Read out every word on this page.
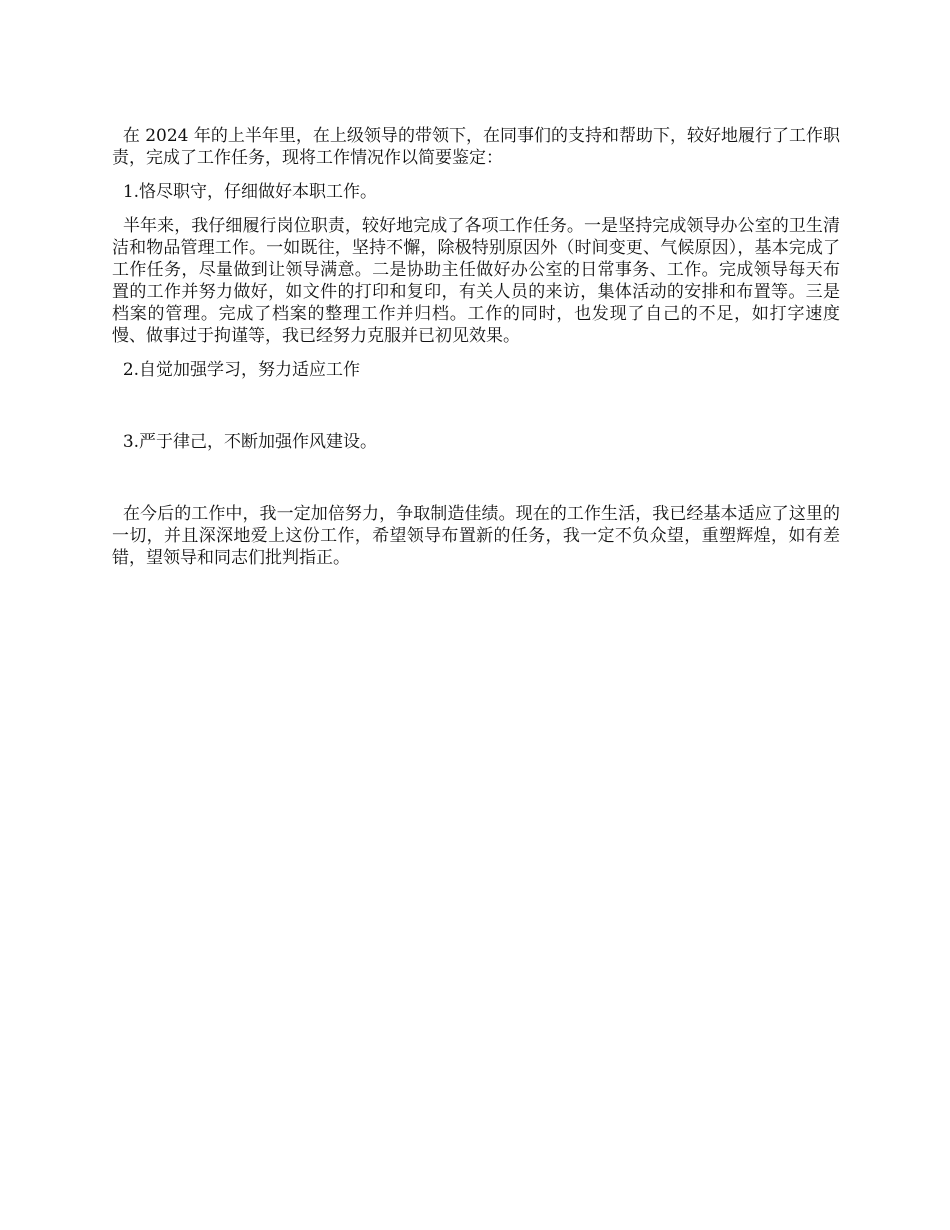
在 2024 年的上半年里，在上级领导的带领下，在同事们的支持和帮助下，较好地履行了工作职责，完成了工作任务，现将工作情况作以简要鉴定：

1.恪尽职守，仔细做好本职工作。

半年来，我仔细履行岗位职责，较好地完成了各项工作任务。一是坚持完成领导办公室的卫生清洁和物品管理工作。一如既往，坚持不懈，除极特别原因外（时间变更、气候原因），基本完成了工作任务，尽量做到让领导满意。二是协助主任做好办公室的日常事务、工作。完成领导每天布置的工作并努力做好，如文件的打印和复印，有关人员的来访，集体活动的安排和布置等。三是档案的管理。完成了档案的整理工作并归档。工作的同时，也发现了自己的不足，如打字速度慢、做事过于拘谨等，我已经努力克服并已初见效果。

2.自觉加强学习，努力适应工作

3.严于律己，不断加强作风建设。

在今后的工作中，我一定加倍努力，争取制造佳绩。现在的工作生活，我已经基本适应了这里的一切，并且深深地爱上这份工作，希望领导布置新的任务，我一定不负众望，重塑辉煌，如有差错，望领导和同志们批判指正。
